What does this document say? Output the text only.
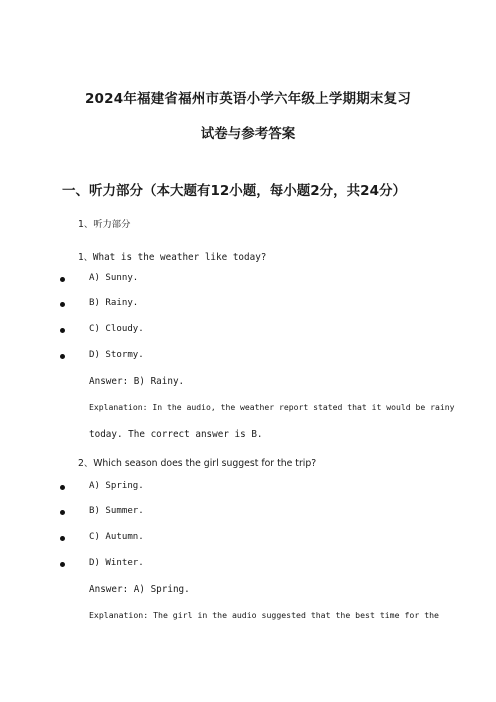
2024年福建省福州市英语小学六年级上学期期末复习
试卷与参考答案
一、听力部分（本大题有12小题，每小题2分，共24分）
1、听力部分
1、What is the weather like today?
A) Sunny.
B) Rainy.
C) Cloudy.
D) Stormy.
Answer: B) Rainy.
Explanation: In the audio, the weather report stated that it would be rainy
today. The correct answer is B.
2、Which season does the girl suggest for the trip?
A) Spring.
B) Summer.
C) Autumn.
D) Winter.
Answer: A) Spring.
Explanation: The girl in the audio suggested that the best time for the
